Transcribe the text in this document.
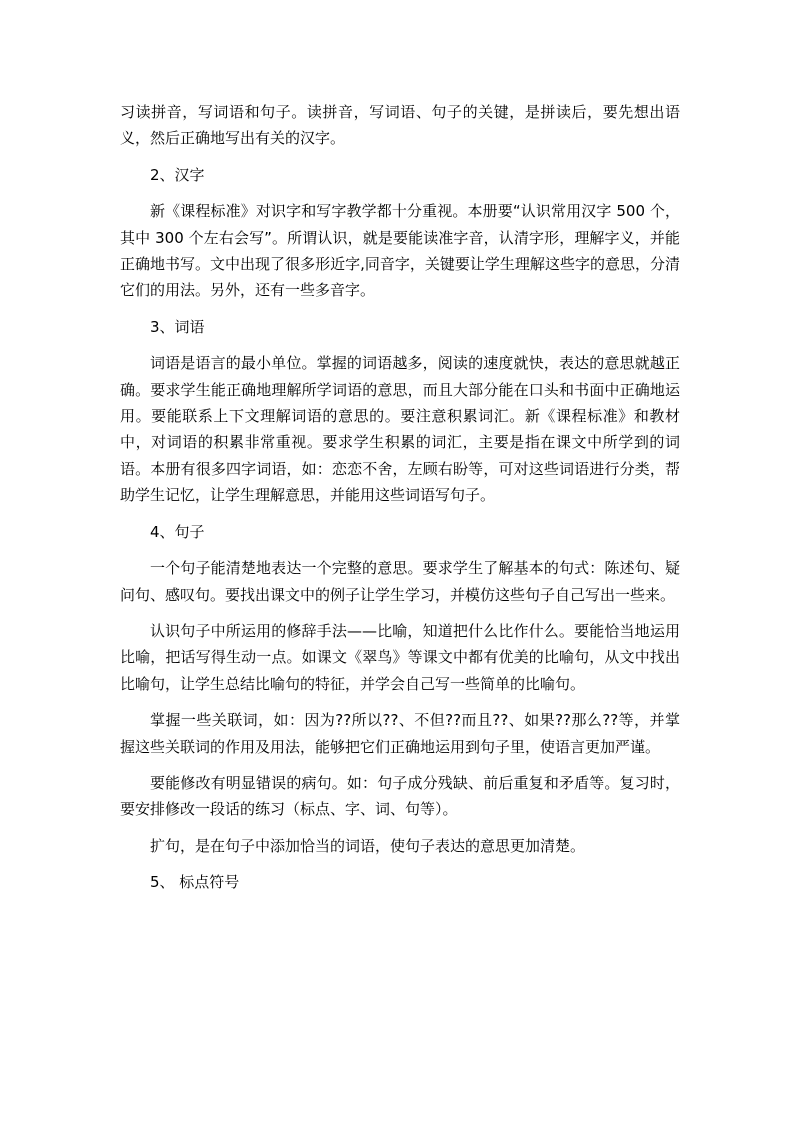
习读拼音，写词语和句子。读拼音，写词语、句子的关键，是拼读后，要先想出语义，然后正确地写出有关的汉字。

2、汉字

新《课程标准》对识字和写字教学都十分重视。本册要“认识常用汉字 500 个，其中 300 个左右会写”。所谓认识，就是要能读准字音，认清字形，理解字义，并能正确地书写。文中出现了很多形近字,同音字，关键要让学生理解这些字的意思，分清它们的用法。另外，还有一些多音字。

3、词语

词语是语言的最小单位。掌握的词语越多，阅读的速度就快，表达的意思就越正确。要求学生能正确地理解所学词语的意思，而且大部分能在口头和书面中正确地运用。要能联系上下文理解词语的意思的。要注意积累词汇。新《课程标准》和教材中，对词语的积累非常重视。要求学生积累的词汇，主要是指在课文中所学到的词语。本册有很多四字词语，如：恋恋不舍，左顾右盼等，可对这些词语进行分类，帮助学生记忆，让学生理解意思，并能用这些词语写句子。

4、句子

一个句子能清楚地表达一个完整的意思。要求学生了解基本的句式：陈述句、疑问句、感叹句。要找出课文中的例子让学生学习，并模仿这些句子自己写出一些来。

认识句子中所运用的修辞手法——比喻，知道把什么比作什么。要能恰当地运用比喻，把话写得生动一点。如课文《翠鸟》等课文中都有优美的比喻句，从文中找出比喻句，让学生总结比喻句的特征，并学会自己写一些简单的比喻句。

掌握一些关联词，如：因为??所以??、不但??而且??、如果??那么??等，并掌握这些关联词的作用及用法，能够把它们正确地运用到句子里，使语言更加严谨。

要能修改有明显错误的病句。如：句子成分残缺、前后重复和矛盾等。复习时，要安排修改一段话的练习（标点、字、词、句等）。

扩句，是在句子中添加恰当的词语，使句子表达的意思更加清楚。

5、 标点符号
